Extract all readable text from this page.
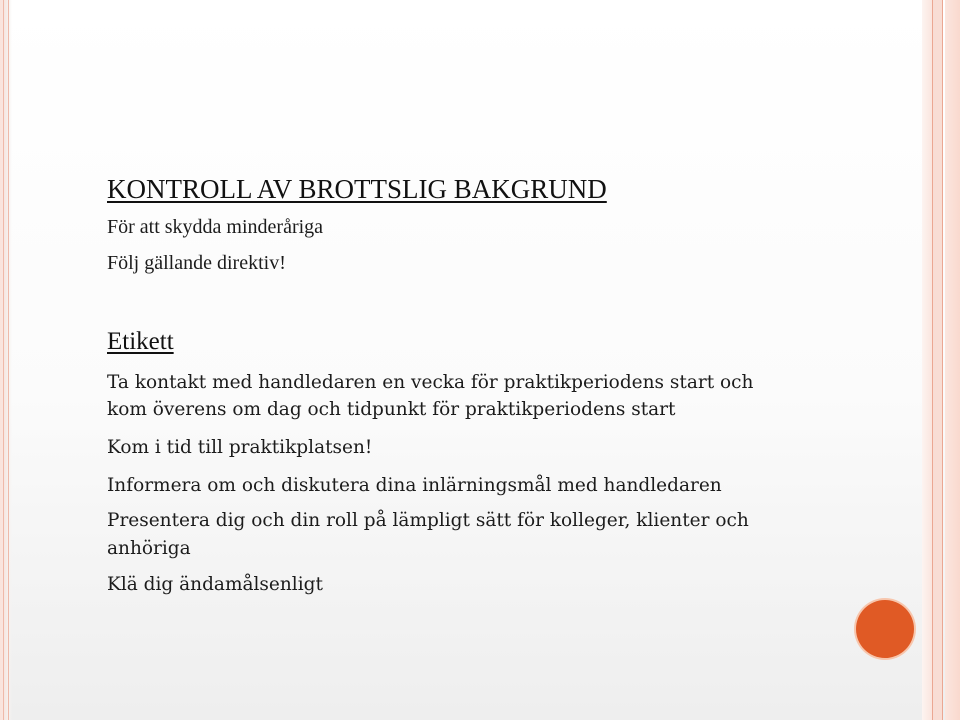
KONTROLL AV BROTTSLIG BAKGRUND

För att skydda minderåriga

Följ gällande direktiv!

Etikett

Ta kontakt med handledaren en vecka för praktikperiodens start och

kom överens om dag och tidpunkt för praktikperiodens start

Kom i tid till praktikplatsen!

Informera om och diskutera dina inlärningsmål med handledaren

Presentera dig och din roll på lämpligt sätt för kolleger, klienter och

anhöriga

Klä dig ändamålsenligt
